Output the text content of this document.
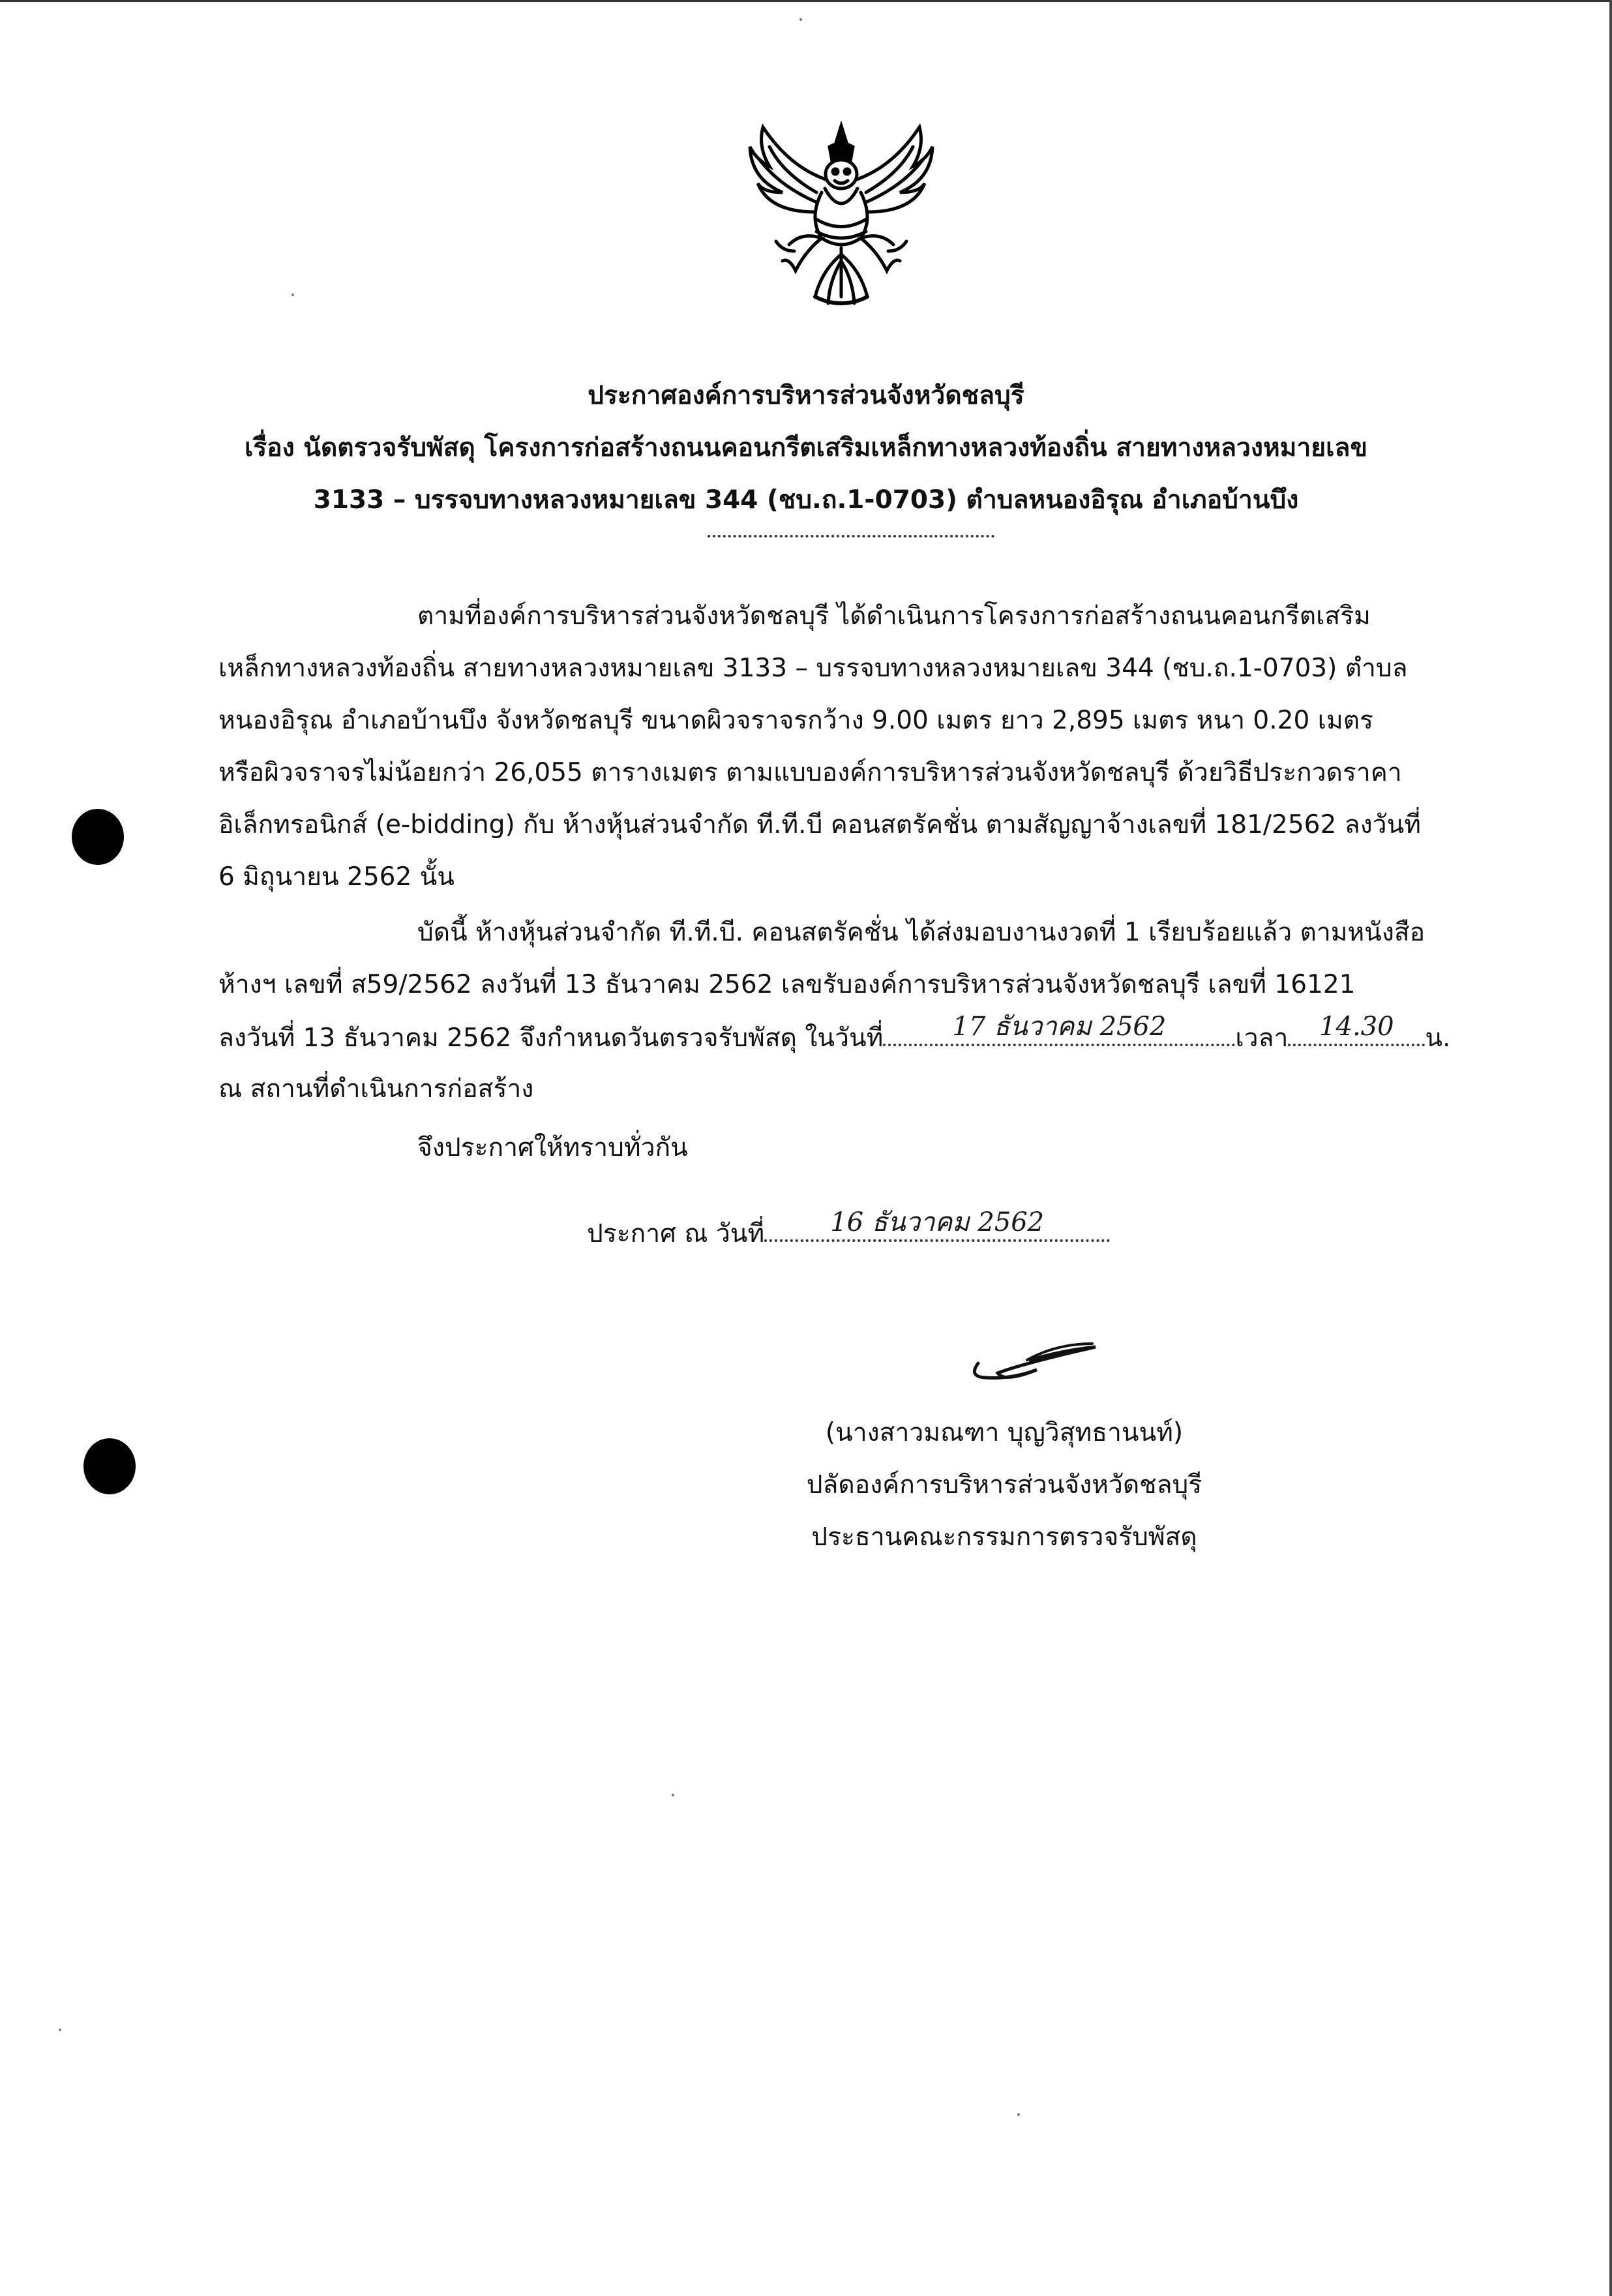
ประกาศองค์การบริหารส่วนจังหวัดชลบุรี
เรื่อง นัดตรวจรับพัสดุ โครงการก่อสร้างถนนคอนกรีตเสริมเหล็กทางหลวงท้องถิ่น สายทางหลวงหมายเลข
3133 – บรรจบทางหลวงหมายเลข 344 (ชบ.ถ.1-0703) ตำบลหนองอิรุณ อำเภอบ้านบึง
ตามที่องค์การบริหารส่วนจังหวัดชลบุรี ได้ดำเนินการโครงการก่อสร้างถนนคอนกรีตเสริม
เหล็กทางหลวงท้องถิ่น สายทางหลวงหมายเลข 3133 – บรรจบทางหลวงหมายเลข 344 (ชบ.ถ.1-0703) ตำบล
หนองอิรุณ อำเภอบ้านบึง จังหวัดชลบุรี ขนาดผิวจราจรกว้าง 9.00 เมตร ยาว 2,895 เมตร หนา 0.20 เมตร
หรือผิวจราจรไม่น้อยกว่า 26,055 ตารางเมตร ตามแบบองค์การบริหารส่วนจังหวัดชลบุรี ด้วยวิธีประกวดราคา
อิเล็กทรอนิกส์ (e-bidding) กับ ห้างหุ้นส่วนจำกัด ที.ที.บี คอนสตรัคชั่น ตามสัญญาจ้างเลขที่ 181/2562 ลงวันที่
6 มิถุนายน 2562 นั้น
บัดนี้ ห้างหุ้นส่วนจำกัด ที.ที.บี. คอนสตรัคชั่น ได้ส่งมอบงานงวดที่ 1 เรียบร้อยแล้ว ตามหนังสือ
ห้างฯ เลขที่ ส59/2562 ลงวันที่ 13 ธันวาคม 2562 เลขรับองค์การบริหารส่วนจังหวัดชลบุรี เลขที่ 16121
ลงวันที่ 13 ธันวาคม 2562 จึงกำหนดวันตรวจรับพัสดุ ในวันที่	17 ธันวาคม 2562	เวลา	14.30	น.
ณ สถานที่ดำเนินการก่อสร้าง
จึงประกาศให้ทราบทั่วกัน
ประกาศ ณ วันที่	16 ธันวาคม 2562
(นางสาวมณฑา บุญวิสุทธานนท์)
ปลัดองค์การบริหารส่วนจังหวัดชลบุรี
ประธานคณะกรรมการตรวจรับพัสดุ
